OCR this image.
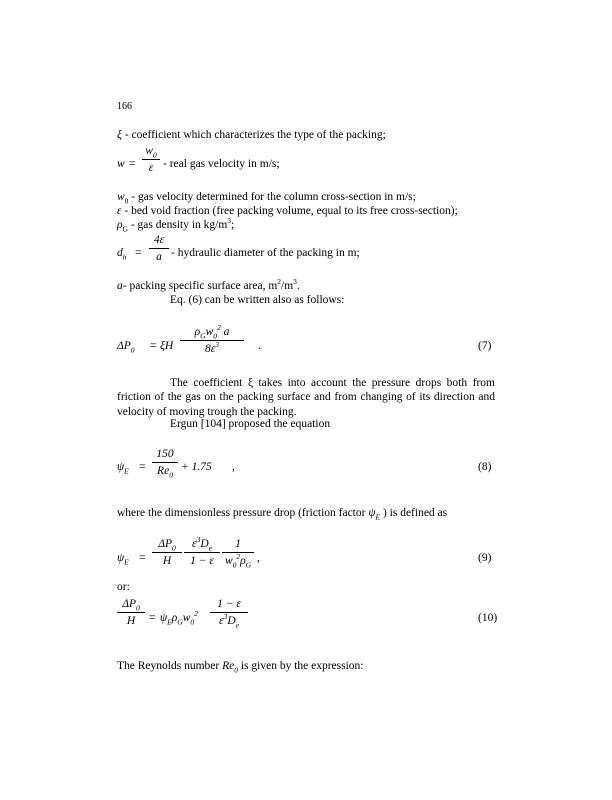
166
ξ - coefficient which characterizes the type of the packing;
w =
$w_0$
ε - real gas velocity in m/s;
$w_0$ - gas velocity determined for the column cross-section in m/s;
ε - bed void fraction (free packing volume, equal to its free cross-section);
$\rho_G$ - gas density in $kg/m^3$;
$d_h$ =
4ε
a - hydraulic diameter of the packing in m;
a- packing specific surface area, $m^2/m^3$.
Eq. (6) can be written also as follows:
$\Delta P_0 = \xi H$
$\rho_Gw_0^2$ a
$8\varepsilon^3$	.	(7)
The coefficient ξ takes into account the pressure drops both from friction of the gas on the packing surface and from changing of its direction and velocity of moving trough the packing.
Ergun [104] proposed the equation
$\psi_E$ =
150
$Re_0$
+ 1.75 ,	(8)
where the dimensionless pressure drop (friction factor $\psi_E$ ) is defined as
$\psi_E$ =
$\Delta P_0$
H
$\varepsilon^3D_e$
1 − ε
1
$w_0^2\rho_G$
,	(9)
or:
$\Delta P_0$
H	= $\psi_E\rho_Gw_0^2$
1 − ε
$\varepsilon^3D_e$
(10)
The Reynolds number $Re_0$ is given by the expression:
